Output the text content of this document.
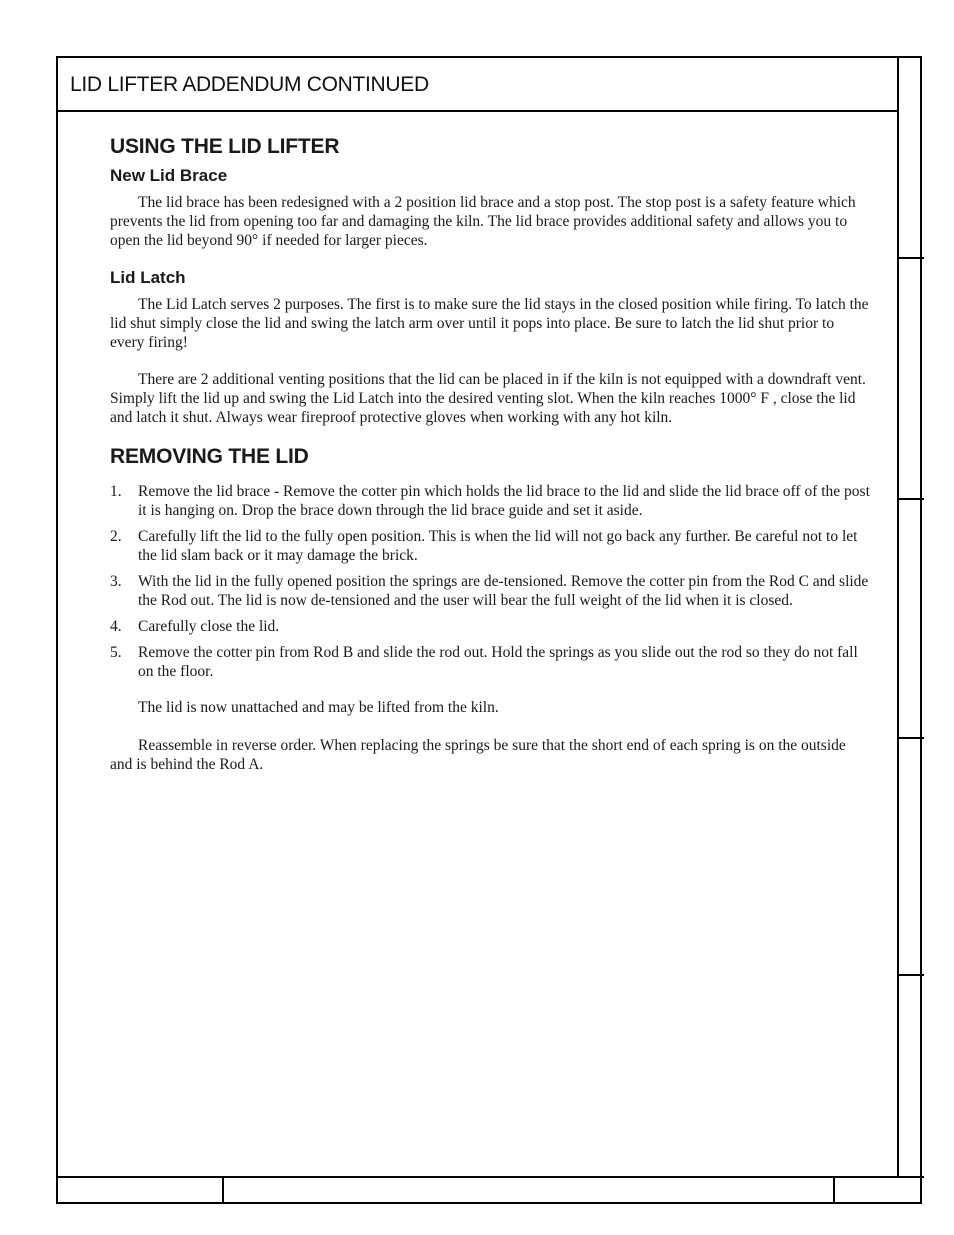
LID LIFTER ADDENDUM CONTINUED
USING THE LID LIFTER
New Lid Brace

The lid brace has been redesigned with a 2 position lid brace and a stop post. The stop post is a safety feature which prevents the lid from opening too far and damaging the kiln. The lid brace provides additional safety and allows you to open the lid beyond 90° if needed for larger pieces.

Lid Latch

The Lid Latch serves 2 purposes. The first is to make sure the lid stays in the closed position while firing. To latch the lid shut simply close the lid and swing the latch arm over until it pops into place. Be sure to latch the lid shut prior to every firing!

There are 2 additional venting positions that the lid can be placed in if the kiln is not equipped with a downdraft vent. Simply lift the lid up and swing the Lid Latch into the desired venting slot. When the kiln reaches 1000° F , close the lid and latch it shut. Always wear fireproof protective gloves when working with any hot kiln.

REMOVING THE LID
1. Remove the lid brace - Remove the cotter pin which holds the lid brace to the lid and slide the lid brace off of the post it is hanging on. Drop the brace down through the lid brace guide and set it aside.
2. Carefully lift the lid to the fully open position. This is when the lid will not go back any further. Be careful not to let the lid slam back or it may damage the brick.
3. With the lid in the fully opened position the springs are de-tensioned. Remove the cotter pin from the Rod C and slide the Rod out. The lid is now de-tensioned and the user will bear the full weight of the lid when it is closed.
4. Carefully close the lid.
5. Remove the cotter pin from Rod B and slide the rod out. Hold the springs as you slide out the rod so they do not fall on the floor.

The lid is now unattached and may be lifted from the kiln.

Reassemble in reverse order. When replacing the springs be sure that the short end of each spring is on the outside and is behind the Rod A.
